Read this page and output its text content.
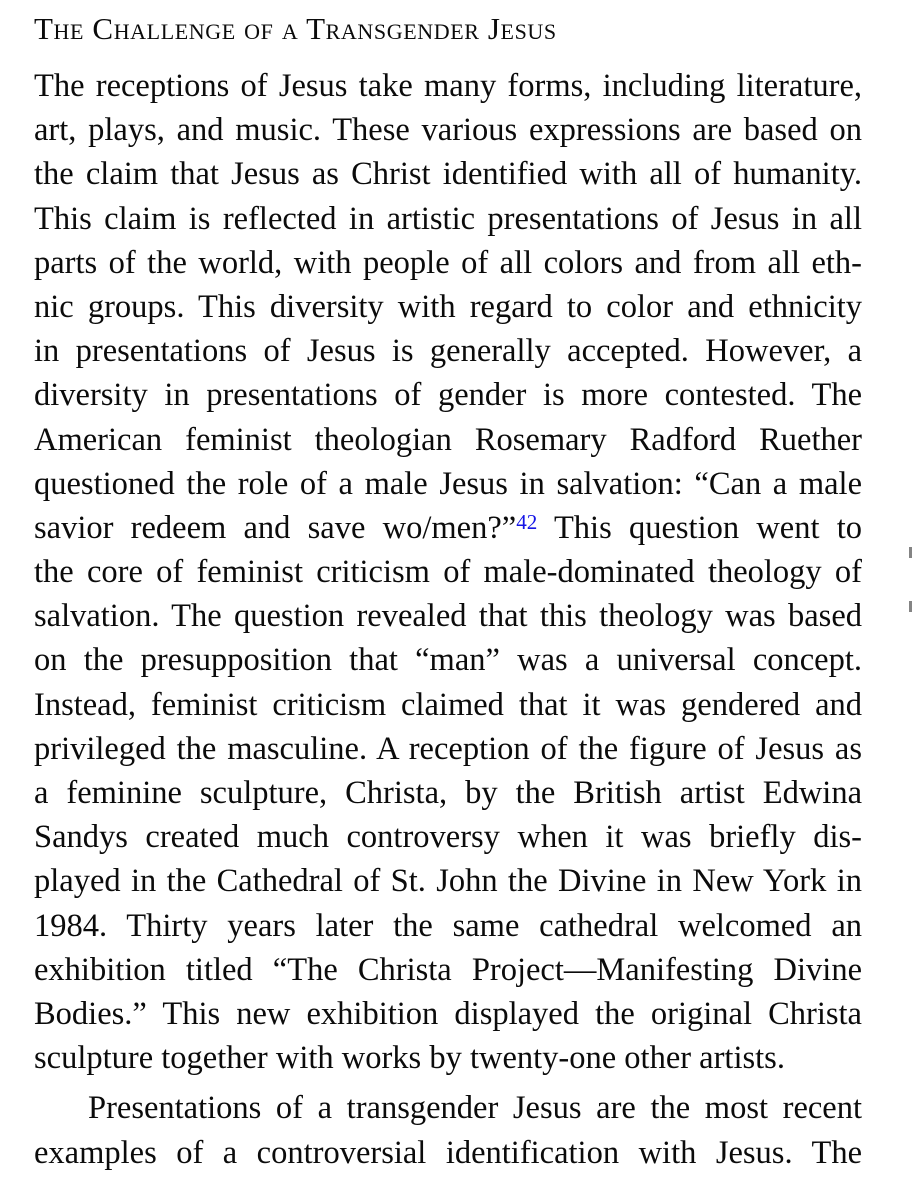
The Challenge of a Transgender Jesus
The receptions of Jesus take many forms, including literature,
art, plays, and music. These various expressions are based on
the claim that Jesus as Christ identified with all of humanity.
This claim is reflected in artistic presentations of Jesus in all
parts of the world, with people of all colors and from all eth-
nic groups. This diversity with regard to color and ethnicity
in presentations of Jesus is generally accepted. However, a
diversity in presentations of gender is more contested. The
American feminist theologian Rosemary Radford Ruether
questioned the role of a male Jesus in salvation: “Can a male
savior redeem and save wo/men?”$^{42}$ This question went to
the core of feminist criticism of male-dominated theology of
salvation. The question revealed that this theology was based
on the presupposition that “man” was a universal concept.
Instead, feminist criticism claimed that it was gendered and
privileged the masculine. A reception of the figure of Jesus as
a feminine sculpture, Christa, by the British artist Edwina
Sandys created much controversy when it was briefly dis-
played in the Cathedral of St. John the Divine in New York in
1984. Thirty years later the same cathedral welcomed an
exhibition titled “The Christa Project—Manifesting Divine
Bodies.” This new exhibition displayed the original Christa
sculpture together with works by twenty-one other artists.
Presentations of a transgender Jesus are the most recent
examples of a controversial identification with Jesus. The
